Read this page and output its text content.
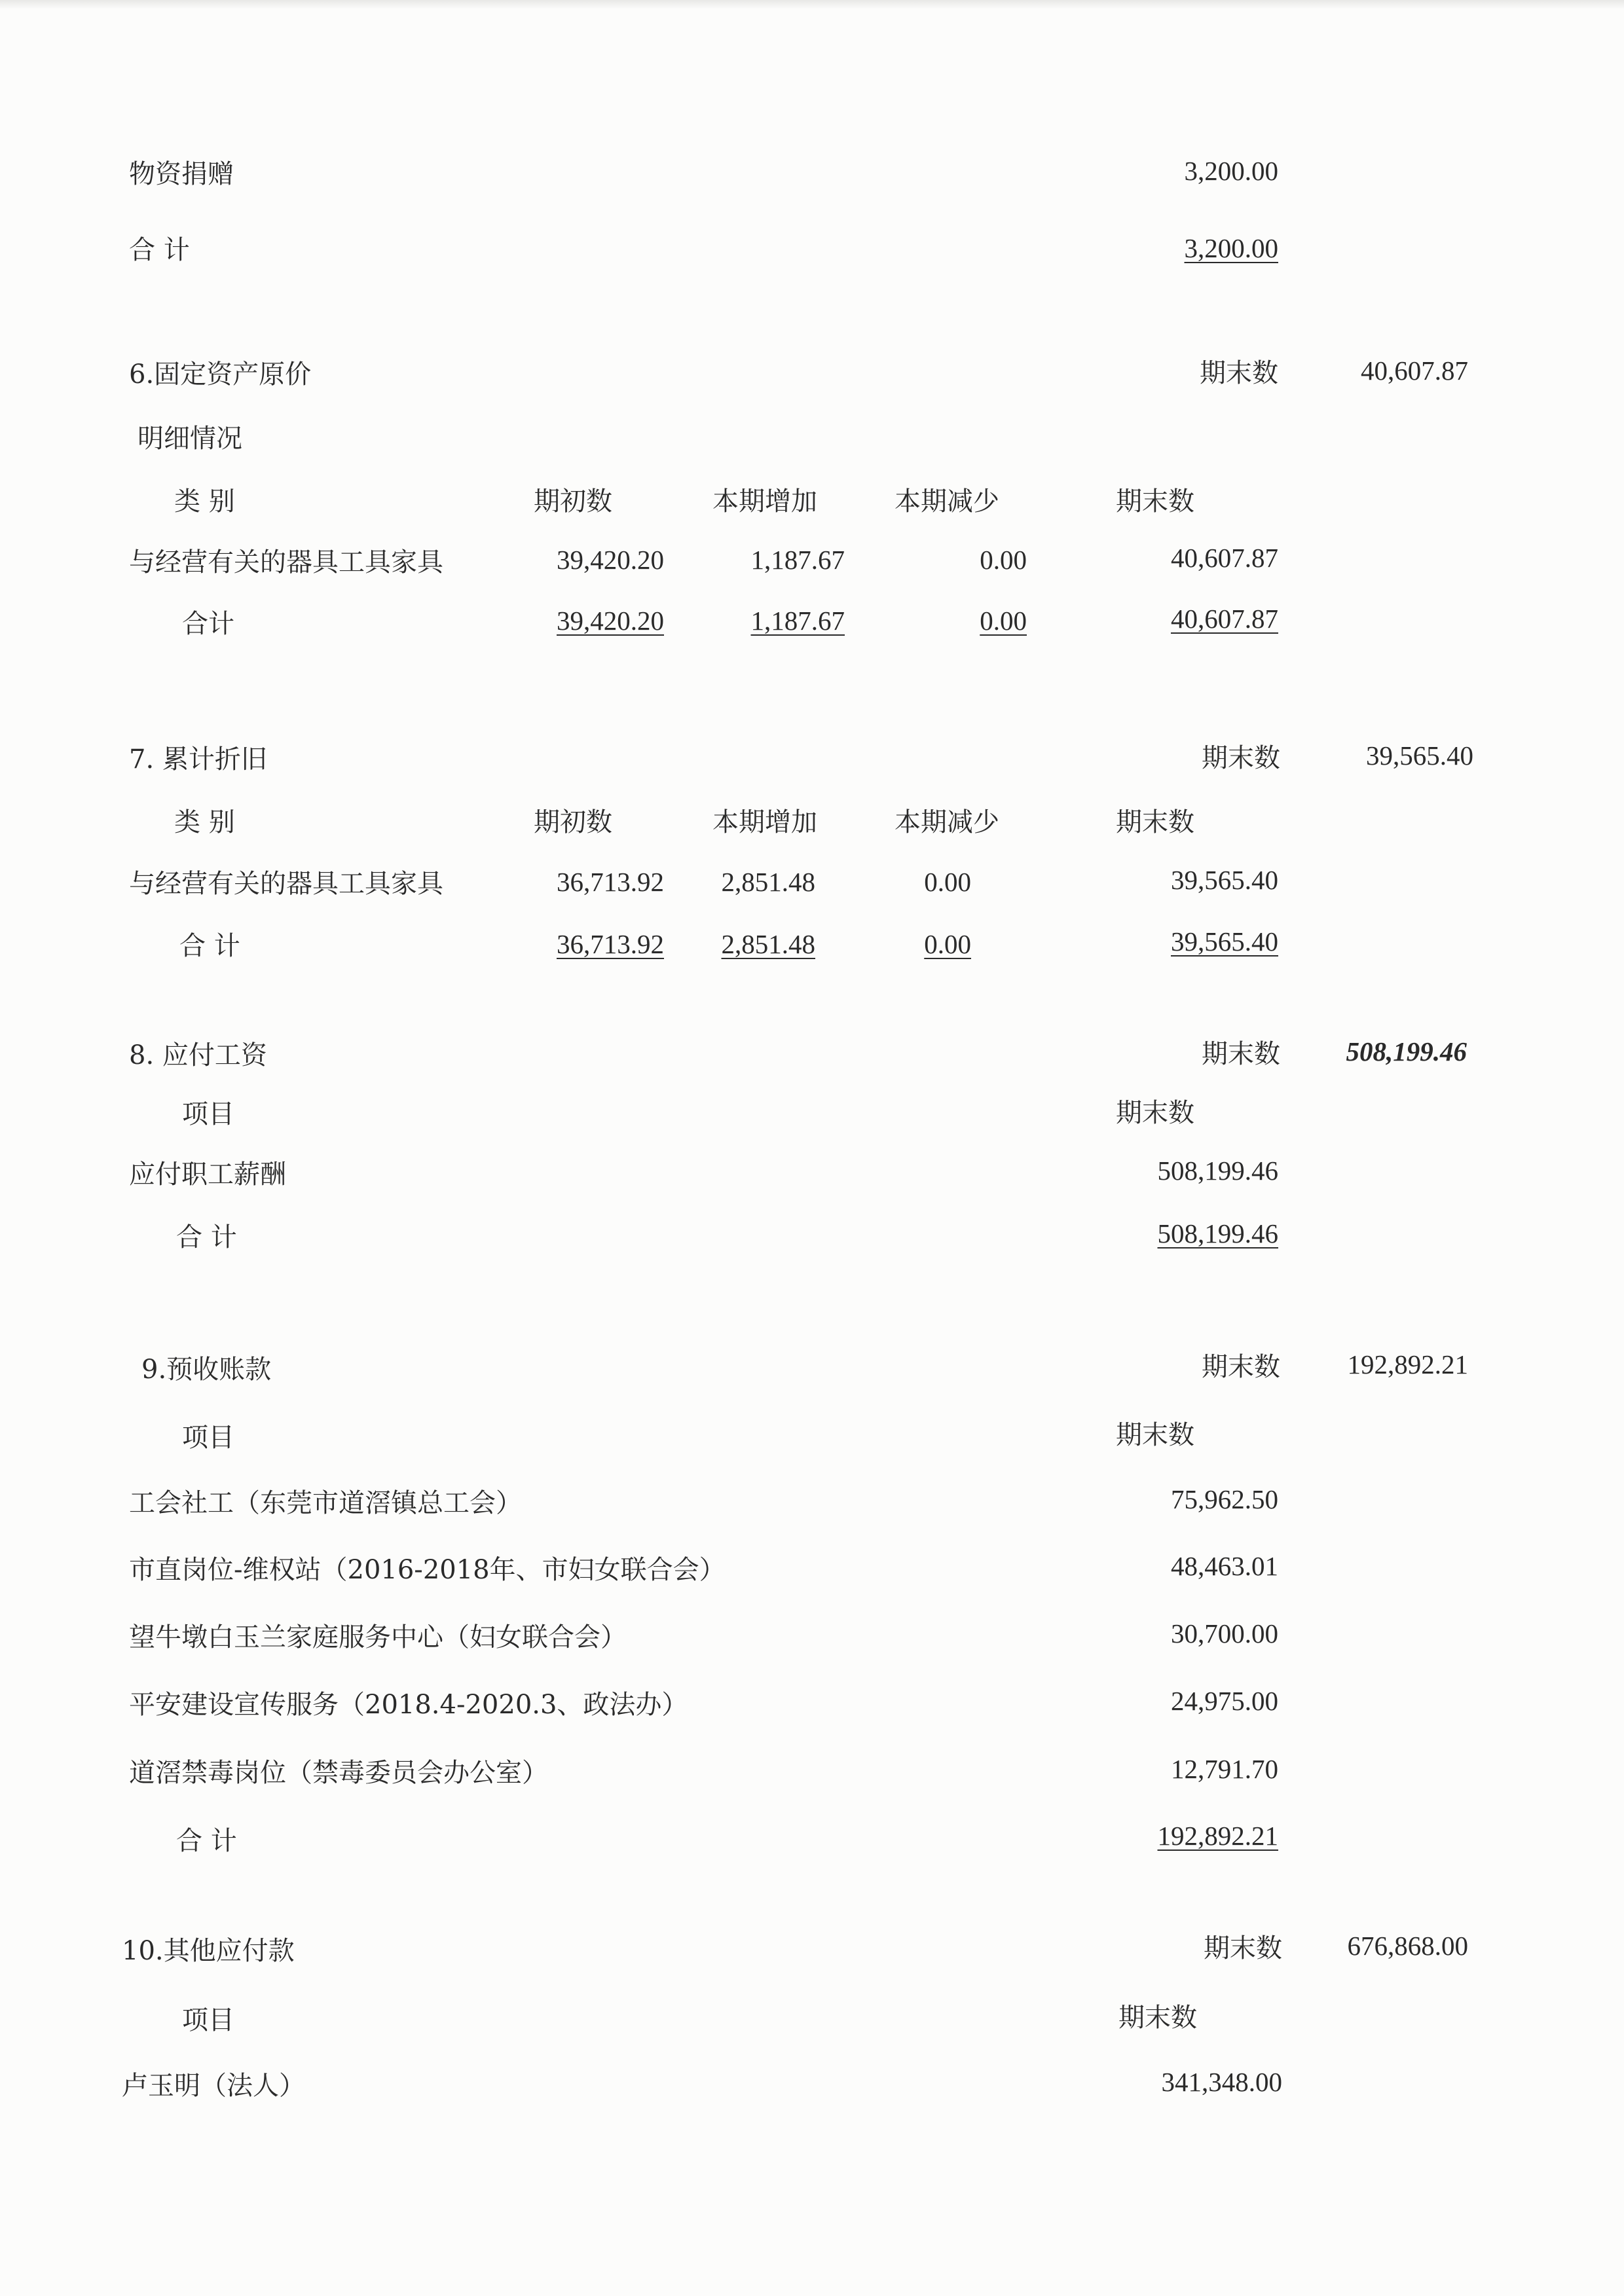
物资捐赠	3,200.00
合 计	3,200.00
6.固定资产原价	期末数	40,607.87
明细情况
类 别	期初数	本期增加	本期减少	期末数
与经营有关的器具工具家具	39,420.20	1,187.67	0.00	40,607.87
合计	39,420.20	1,187.67	0.00	40,607.87
7. 累计折旧	期末数	39,565.40
类 别	期初数	本期增加	本期减少	期末数
与经营有关的器具工具家具	36,713.92 2,851.48	0.00	39,565.40
合 计	36,713.92 2,851.48	0.00	39,565.40
8. 应付工资	期末数 508,199.46
项目	期末数
应付职工薪酬	508,199.46
合 计	508,199.46
9.预收账款	期末数	192,892.21
项目	期末数
工会社工（东莞市道滘镇总工会）	75,962.50
市直岗位-维权站（2016-2018年、市妇女联合会）	48,463.01
望牛墩白玉兰家庭服务中心（妇女联合会）	30,700.00
平安建设宣传服务（2018.4-2020.3、政法办）	24,975.00
道滘禁毒岗位（禁毒委员会办公室）	12,791.70
合 计	192,892.21
10.其他应付款	期末数 676,868.00
项目	期末数
卢玉明（法人）	341,348.00
